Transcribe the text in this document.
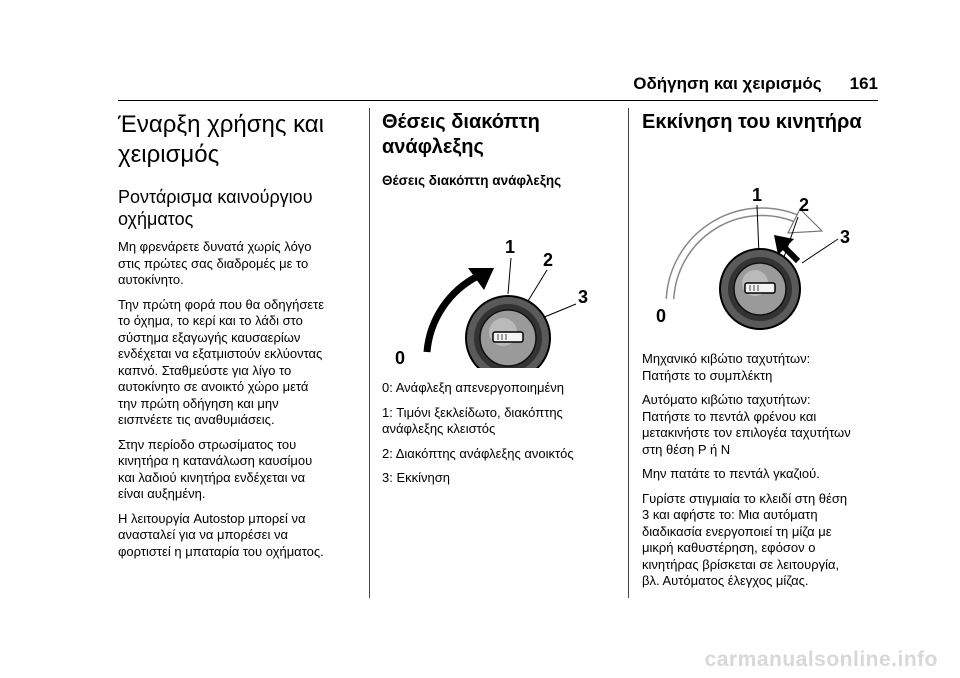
Οδήγηση και χειρισμός 161
Έναρξη χρήσης και
χειρισμός
Ροντάρισμα καινούργιου
οχήματος

Μη φρενάρετε δυνατά χωρίς λόγο
στις πρώτες σας διαδρομές με το
αυτοκίνητο.

Την πρώτη φορά που θα οδηγήσετε
το όχημα, το κερί και το λάδι στο
σύστημα εξαγωγής καυσαερίων
ενδέχεται να εξατμιστούν εκλύοντας
καπνό. Σταθμεύστε για λίγο το
αυτοκίνητο σε ανοικτό χώρο μετά
την πρώτη οδήγηση και μην
εισπνέετε τις αναθυμιάσεις.

Στην περίοδο στρωσίματος του
κινητήρα η κατανάλωση καυσίμου
και λαδιού κινητήρα ενδέχεται να
είναι αυξημένη.

Η λειτουργία Autostop μπορεί να
ανασταλεί για να μπορέσει να
φορτιστεί η μπαταρία του οχήματος.

Θέσεις διακόπτη
ανάφλεξης
Θέσεις διακόπτη ανάφλεξης
1
2
3
0

0: Ανάφλεξη απενεργοποιημένη

1: Τιμόνι ξεκλείδωτο, διακόπτης
ανάφλεξης κλειστός

2: Διακόπτης ανάφλεξης ανοικτός

3: Εκκίνηση

Εκκίνηση του κινητήρα
1 2
3
0

Μηχανικό κιβώτιο ταχυτήτων:
Πατήστε το συμπλέκτη

Αυτόματο κιβώτιο ταχυτήτων:
Πατήστε το πεντάλ φρένου και
μετακινήστε τον επιλογέα ταχυτήτων
στη θέση P ή N

Μην πατάτε το πεντάλ γκαζιού.

Γυρίστε στιγμιαία το κλειδί στη θέση
3 και αφήστε το: Μια αυτόματη
διαδικασία ενεργοποιεί τη μίζα με
μικρή καθυστέρηση, εφόσον ο
κινητήρας βρίσκεται σε λειτουργία,
βλ. Αυτόματος έλεγχος μίζας.

carmanualsonline.info
